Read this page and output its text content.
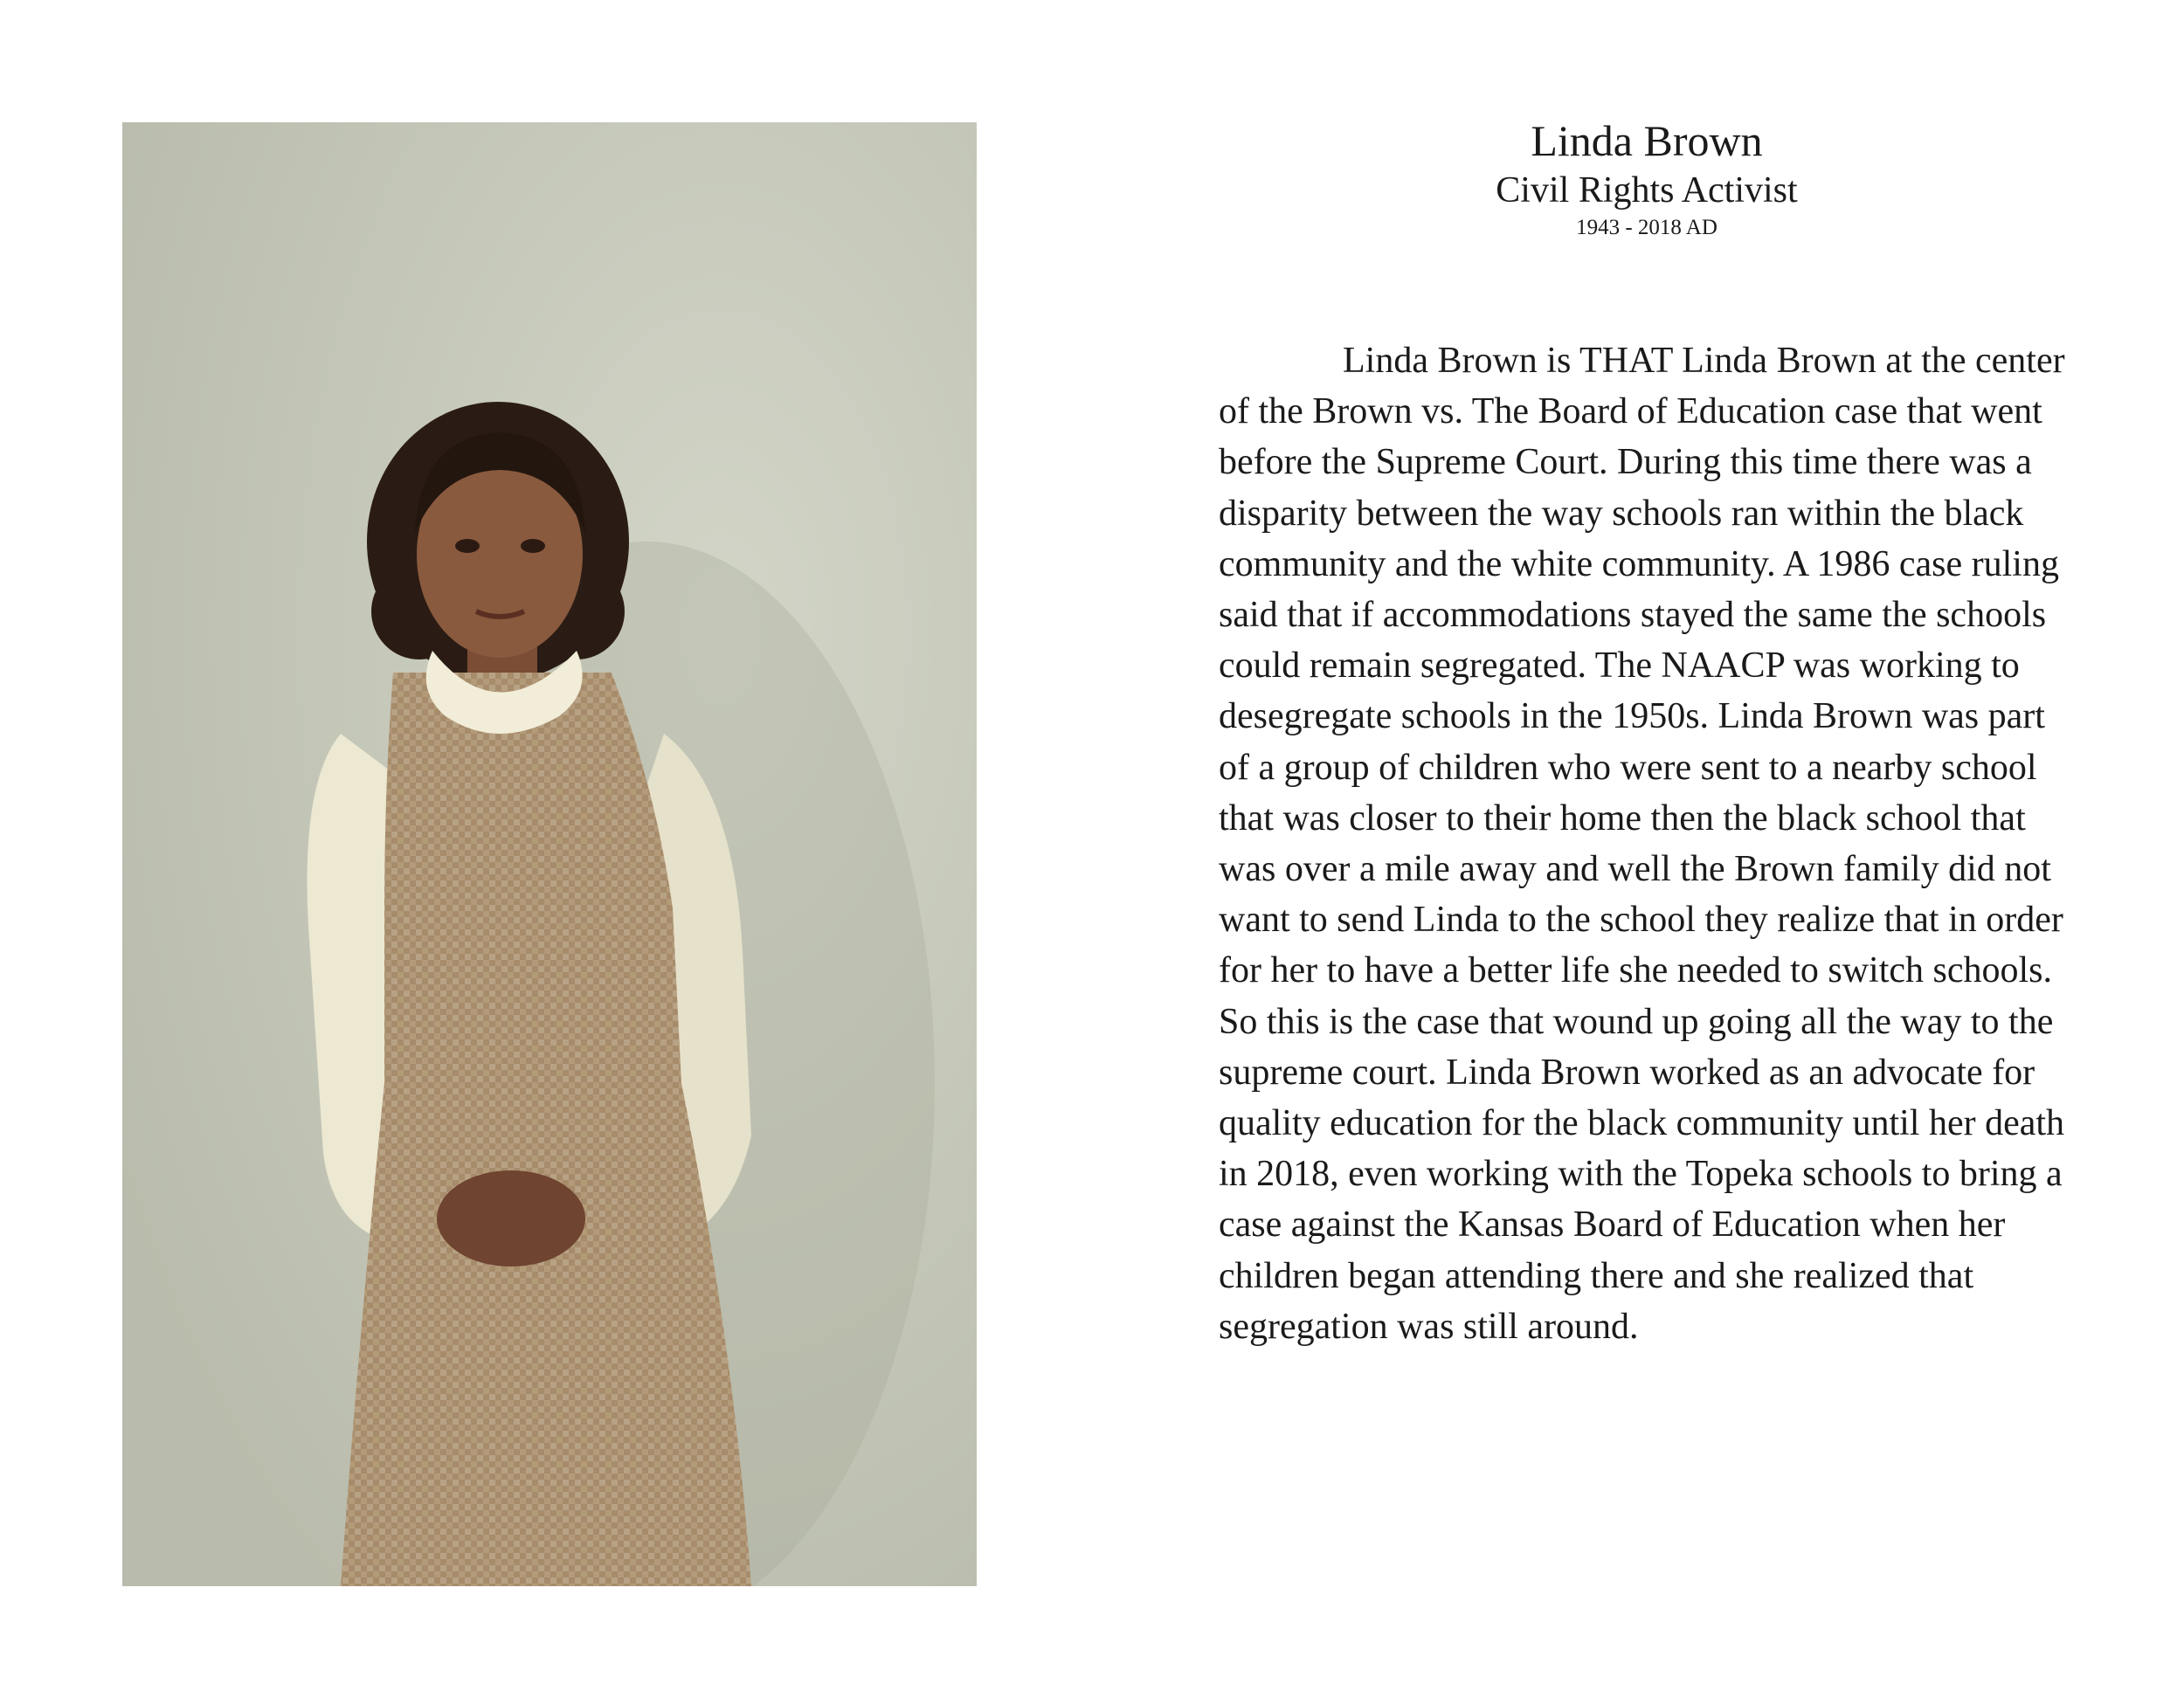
Linda Brown
Civil Rights Activist
1943 - 2018 AD

Linda Brown is THAT Linda Brown at the center of the Brown vs. The Board of Education case that went before the Supreme Court. During this time there was a disparity between the way schools ran within the black community and the white community. A 1986 case ruling said that if accommodations stayed the same the schools could remain segregated. The NAACP was working to desegregate schools in the 1950s. Linda Brown was part of a group of children who were sent to a nearby school that was closer to their home then the black school that was over a mile away and well the Brown family did not want to send Linda to the school they realize that in order for her to have a better life she needed to switch schools. So this is the case that wound up going all the way to the supreme court. Linda Brown worked as an advocate for quality education for the black community until her death in 2018, even working with the Topeka schools to bring a case against the Kansas Board of Education when her children began attending there and she realized that segregation was still around.
